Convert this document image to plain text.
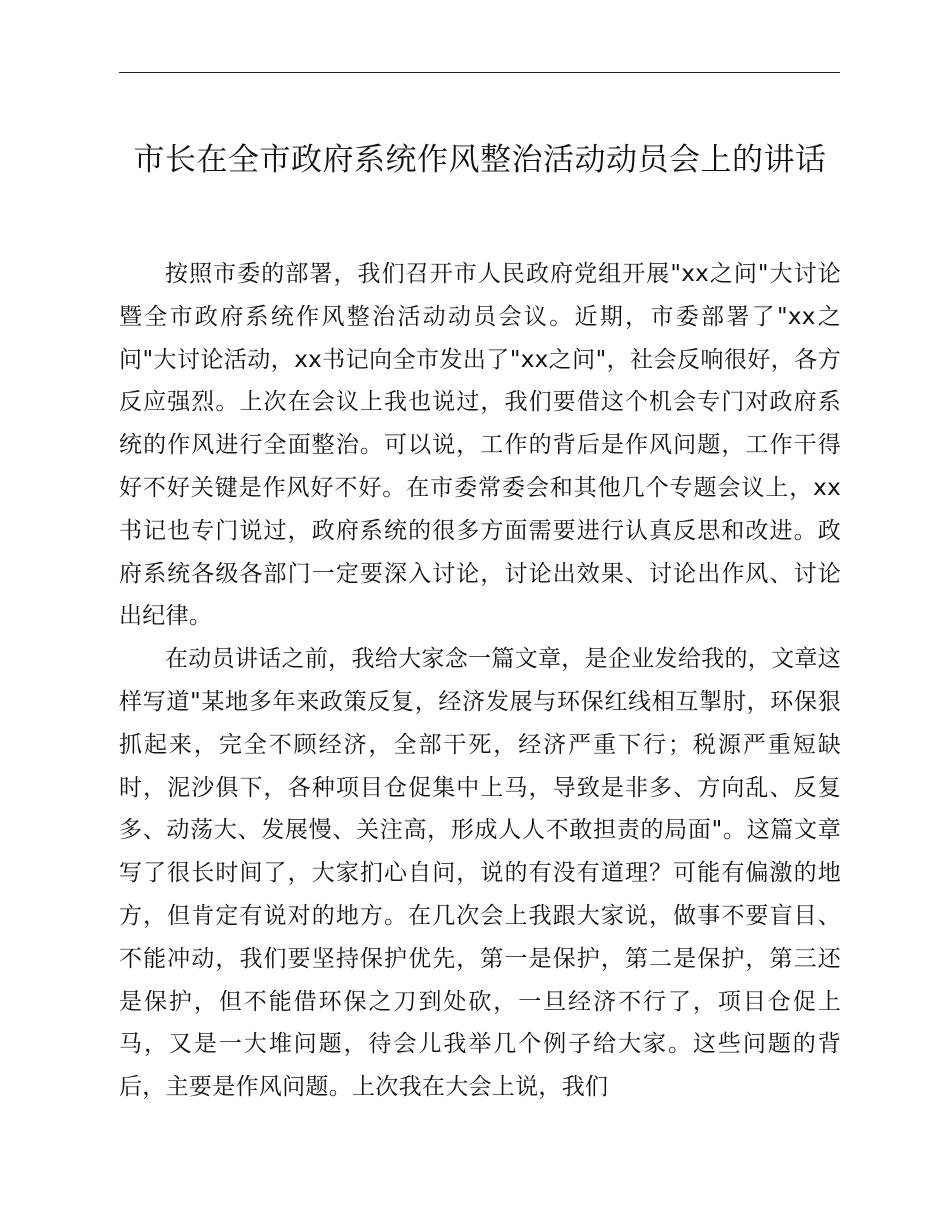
市长在全市政府系统作风整治活动动员会上的讲话

按照市委的部署，我们召开市人民政府党组开展"xx之问"大讨论暨全市政府系统作风整治活动动员会议。近期，市委部署了"xx之问"大讨论活动，xx书记向全市发出了"xx之问"，社会反响很好，各方反应强烈。上次在会议上我也说过，我们要借这个机会专门对政府系统的作风进行全面整治。可以说，工作的背后是作风问题，工作干得好不好关键是作风好不好。在市委常委会和其他几个专题会议上，xx书记也专门说过，政府系统的很多方面需要进行认真反思和改进。政府系统各级各部门一定要深入讨论，讨论出效果、讨论出作风、讨论出纪律。

在动员讲话之前，我给大家念一篇文章，是企业发给我的，文章这样写道"某地多年来政策反复，经济发展与环保红线相互掣肘，环保狠抓起来，完全不顾经济，全部干死，经济严重下行；税源严重短缺时，泥沙俱下，各种项目仓促集中上马，导致是非多、方向乱、反复多、动荡大、发展慢、关注高，形成人人不敢担责的局面"。这篇文章写了很长时间了，大家扪心自问，说的有没有道理？可能有偏激的地方，但肯定有说对的地方。在几次会上我跟大家说，做事不要盲目、不能冲动，我们要坚持保护优先，第一是保护，第二是保护，第三还是保护，但不能借环保之刀到处砍，一旦经济不行了，项目仓促上马，又是一大堆问题，待会儿我举几个例子给大家。这些问题的背后，主要是作风问题。上次我在大会上说，我们
